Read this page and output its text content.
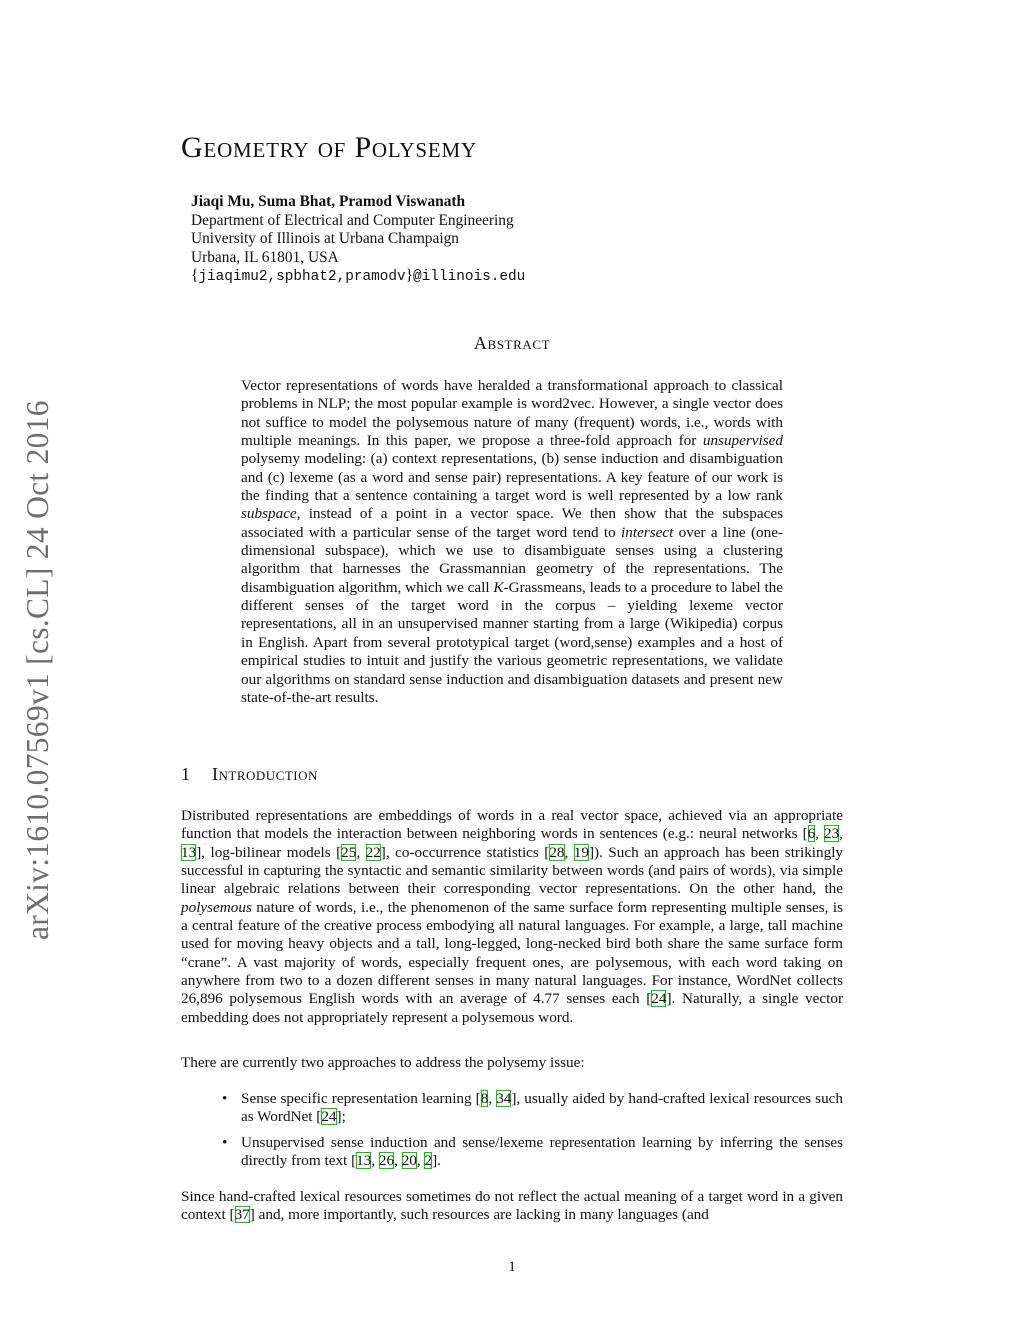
arXiv:1610.07569v1 [cs.CL] 24 Oct 2016
Geometry of Polysemy
Jiaqi Mu, Suma Bhat, Pramod Viswanath
Department of Electrical and Computer Engineering
University of Illinois at Urbana Champaign
Urbana, IL 61801, USA
{jiaqimu2,spbhat2,pramodv}@illinois.edu
Abstract
Vector representations of words have heralded a transformational approach to classical problems in NLP; the most popular example is word2vec. However, a single vector does not suffice to model the polysemous nature of many (frequent) words, i.e., words with multiple meanings. In this paper, we propose a three-fold approach for unsupervised polysemy modeling: (a) context representations, (b) sense induction and disambiguation and (c) lexeme (as a word and sense pair) representations. A key feature of our work is the finding that a sentence containing a target word is well represented by a low rank subspace, instead of a point in a vector space. We then show that the subspaces associated with a particular sense of the target word tend to intersect over a line (one-dimensional subspace), which we use to disambiguate senses using a clustering algorithm that harnesses the Grassmannian geometry of the representations. The disambiguation algorithm, which we call K-Grassmeans, leads to a procedure to label the different senses of the target word in the corpus – yielding lexeme vector representations, all in an unsupervised manner starting from a large (Wikipedia) corpus in English. Apart from several prototypical target (word,sense) examples and a host of empirical studies to intuit and justify the various geometric representations, we validate our algorithms on standard sense induction and disambiguation datasets and present new state-of-the-art results.
1 Introduction
Distributed representations are embeddings of words in a real vector space, achieved via an appropriate function that models the interaction between neighboring words in sentences (e.g.: neural networks [6, 23, 13], log-bilinear models [25, 22], co-occurrence statistics [28, 19]). Such an approach has been strikingly successful in capturing the syntactic and semantic similarity between words (and pairs of words), via simple linear algebraic relations between their corresponding vector representations. On the other hand, the polysemous nature of words, i.e., the phenomenon of the same surface form representing multiple senses, is a central feature of the creative process embodying all natural languages. For example, a large, tall machine used for moving heavy objects and a tall, long-legged, long-necked bird both share the same surface form “crane”. A vast majority of words, especially frequent ones, are polysemous, with each word taking on anywhere from two to a dozen different senses in many natural languages. For instance, WordNet collects 26,896 polysemous English words with an average of 4.77 senses each [24]. Naturally, a single vector embedding does not appropriately represent a polysemous word.
There are currently two approaches to address the polysemy issue:
• Sense specific representation learning [8, 34], usually aided by hand-crafted lexical resources such as WordNet [24];
• Unsupervised sense induction and sense/lexeme representation learning by inferring the senses directly from text [13, 26, 20, 2].
Since hand-crafted lexical resources sometimes do not reflect the actual meaning of a target word in a given context [37] and, more importantly, such resources are lacking in many languages (and
1
